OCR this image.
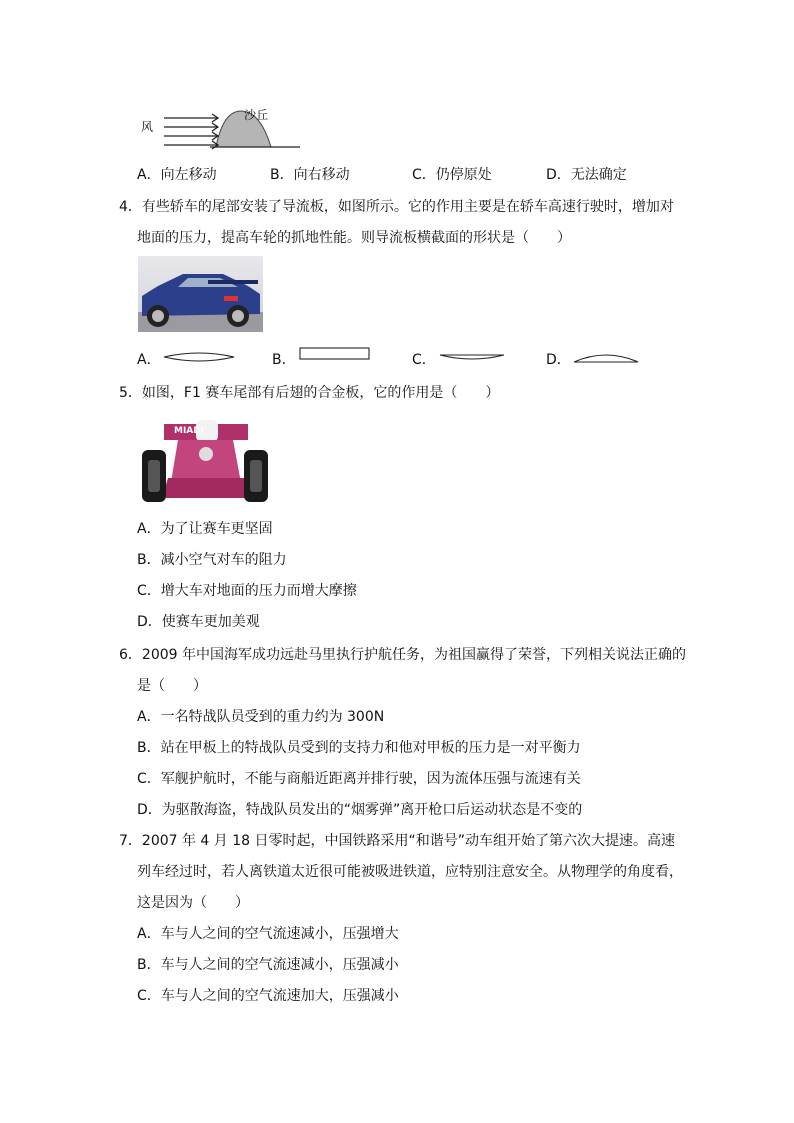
风
沙丘
A．向左移动	B．向右移动	C．仍停原处	D．无法确定
4．有些轿车的尾部安装了导流板，如图所示。它的作用主要是在轿车高速行驶时，增加对
地面的压力，提高车轮的抓地性能。则导流板横截面的形状是（　　）
A．	B．	C．	D．
5．如图，F1 赛车尾部有后翅的合金板，它的作用是（　　）
MIADI
A．为了让赛车更坚固
B．减小空气对车的阻力
C．增大车对地面的压力而增大摩擦
D．使赛车更加美观
6．2009 年中国海军成功远赴马里执行护航任务，为祖国赢得了荣誉，下列相关说法正确的
是（　　）
A．一名特战队员受到的重力约为 300N
B．站在甲板上的特战队员受到的支持力和他对甲板的压力是一对平衡力
C．军舰护航时，不能与商船近距离并排行驶，因为流体压强与流速有关
D．为驱散海盗，特战队员发出的“烟雾弹”离开枪口后运动状态是不变的
7．2007 年 4 月 18 日零时起，中国铁路采用“和谐号”动车组开始了第六次大提速。高速
列车经过时，若人离铁道太近很可能被吸进铁道，应特别注意安全。从物理学的角度看，
这是因为（　　）
A．车与人之间的空气流速减小，压强增大
B．车与人之间的空气流速减小，压强减小
C．车与人之间的空气流速加大，压强减小
